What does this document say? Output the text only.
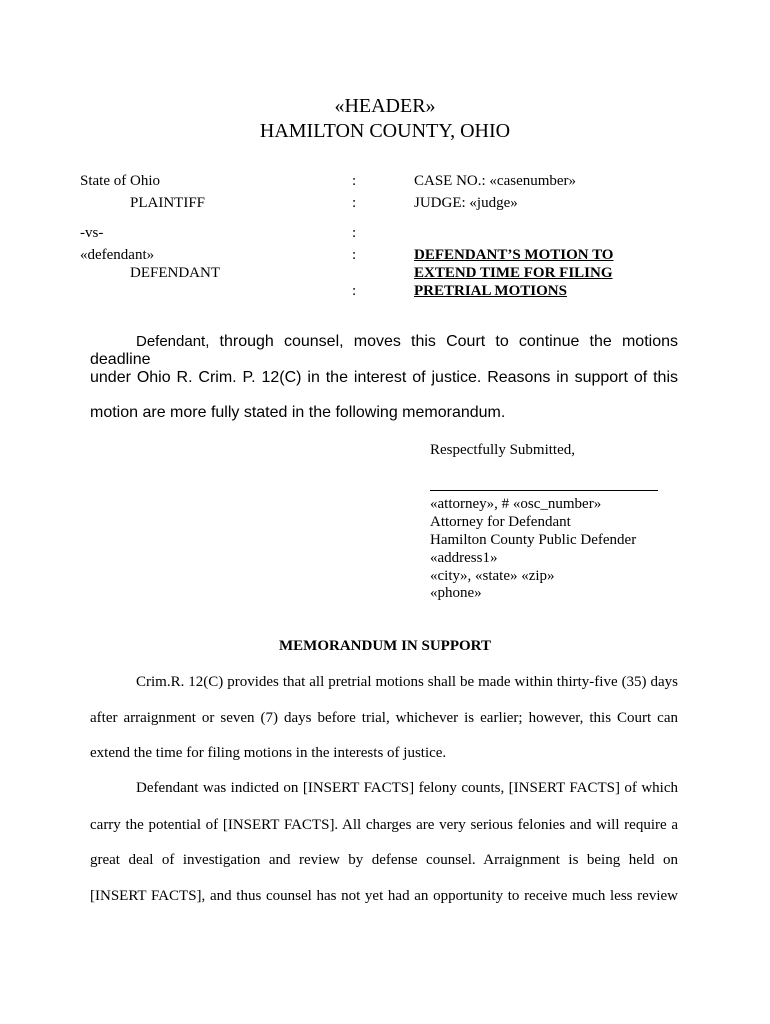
«HEADER»
HAMILTON COUNTY, OHIO
State of Ohio
PLAINTIFF
-vs-
«defendant»
DEFENDANT
:
:
:
:
:
CASE NO.: «casenumber»
JUDGE: «judge»
DEFENDANT’S MOTION TO
EXTEND TIME FOR FILING
PRETRIAL MOTIONS
Defendant, through counsel, moves this Court to continue the motions deadline
under Ohio R. Crim. P. 12(C) in the interest of justice. Reasons in support of this
motion are more fully stated in the following memorandum.
Respectfully Submitted,
«attorney», # «osc_number»
Attorney for Defendant
Hamilton County Public Defender
«address1»
«city», «state» «zip»
«phone»
MEMORANDUM IN SUPPORT
Crim.R. 12(C) provides that all pretrial motions shall be made within thirty-five (35) days
after arraignment or seven (7) days before trial, whichever is earlier; however, this Court can
extend the time for filing motions in the interests of justice.
Defendant was indicted on [INSERT FACTS] felony counts, [INSERT FACTS] of which
carry the potential of [INSERT FACTS]. All charges are very serious felonies and will require a
great deal of investigation and review by defense counsel. Arraignment is being held on
[INSERT FACTS], and thus counsel has not yet had an opportunity to receive much less review
